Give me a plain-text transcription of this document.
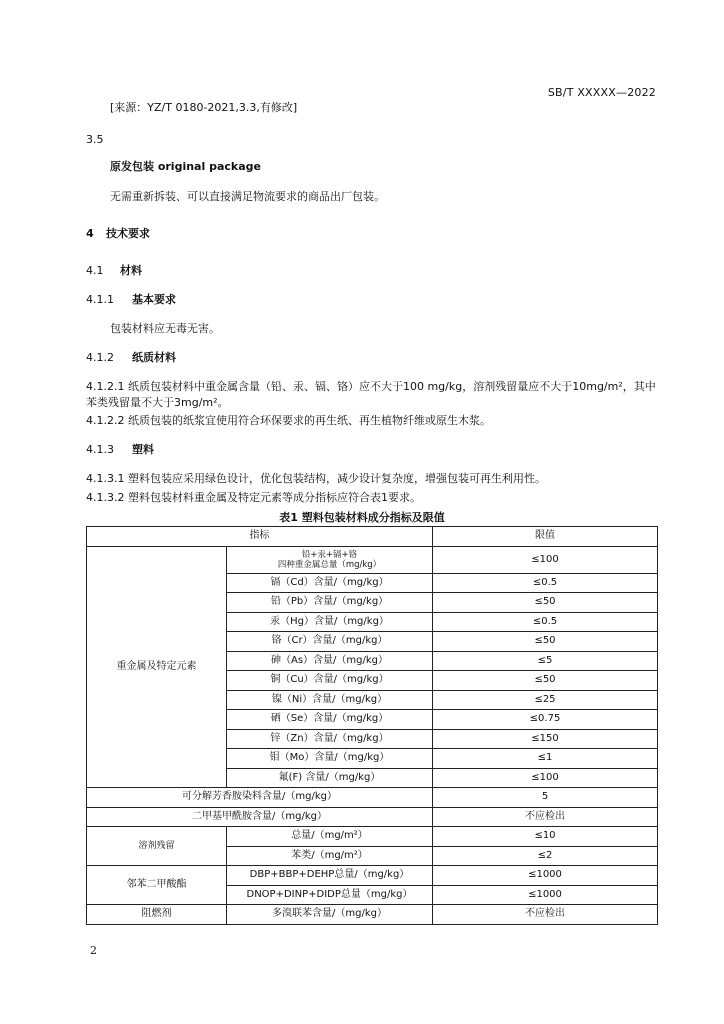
SB/T XXXXX—2022
[来源：YZ/T 0180-2021,3.3,有修改]
3.5
原发包装 original package
无需重新拆装、可以直接满足物流要求的商品出厂包装。
4 技术要求
4.1 材料
4.1.1 基本要求
包装材料应无毒无害。
4.1.2 纸质材料
4.1.2.1 纸质包装材料中重金属含量（铅、汞、镉、铬）应不大于100 mg/kg，溶剂残留量应不大于10mg/m²，其中苯类残留量不大于3mg/m²。
4.1.2.2 纸质包装的纸浆宜使用符合环保要求的再生纸、再生植物纤维或原生木浆。
4.1.3 塑料
4.1.3.1 塑料包装应采用绿色设计，优化包装结构，减少设计复杂度，增强包装可再生利用性。
4.1.3.2 塑料包装材料重金属及特定元素等成分指标应符合表1要求。
表1 塑料包装材料成分指标及限值
指标		限值
重金属及特定元素	铅+汞+镉+铬
四种重金属总量（mg/kg）	≤100
	镉（Cd）含量/（mg/kg）	≤0.5
	铅（Pb）含量/（mg/kg）	≤50
	汞（Hg）含量/（mg/kg）	≤0.5
	铬（Cr）含量/（mg/kg）	≤50
	砷（As）含量/（mg/kg）	≤5
	铜（Cu）含量/（mg/kg）	≤50
	镍（Ni）含量/（mg/kg）	≤25
	硒（Se）含量/（mg/kg）	≤0.75
	锌（Zn）含量/（mg/kg）	≤150
	钼（Mo）含量/（mg/kg）	≤1
	氟(F) 含量/（mg/kg）	≤100
可分解芳香胺染料含量/（mg/kg）		5
二甲基甲酰胺含量/（mg/kg）		不应检出
溶剂残留	总量/（mg/m²）	≤10
	苯类/（mg/m²）	≤2
邻苯二甲酸酯	DBP+BBP+DEHP总量/（mg/kg）	≤1000
	DNOP+DINP+DIDP总量（mg/kg）	≤1000
阻燃剂	多溴联苯含量/（mg/kg）	不应检出
2
